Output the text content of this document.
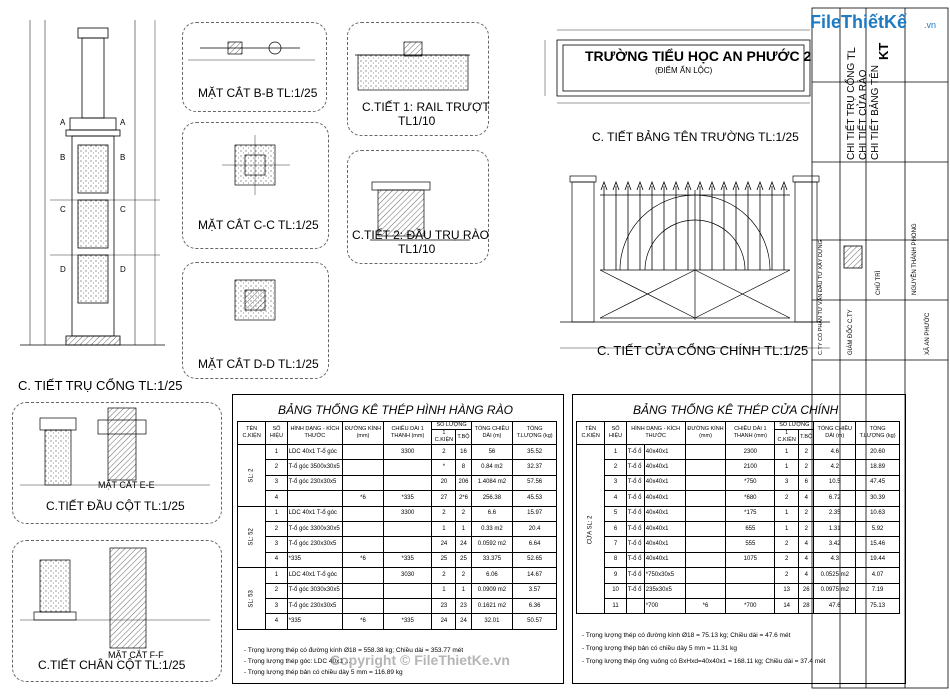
A	A
D	D
C	C
B	B
C. TIẾT TRỤ CỔNG TL:1/25
MẶT CẮT B-B TL:1/25
MẶT CẮT C-C TL:1/25
MẶT CẮT D-D TL:1/25
C.TIẾT 1: RAIL TRƯỢT
TL1/10
C.TIẾT 2: ĐẦU TRỤ RÀO
TL1/10
C. TIẾT BẢNG TÊN TRƯỜNG TL:1/25
C. TIẾT CỬA CỔNG CHÍNH TL:1/25
C.TIẾT ĐẦU CỘT TL:1/25
MẶT CẮT E-E
C.TIẾT CHÂN CỘT TL:1/25
MẶT CẮT F-F
TRƯỜNG TIỂU HỌC AN PHƯỚC 2
(ĐIỂM ẤN LỘC)
FileThiếtKế .vn
KT
TL
CHI TIẾT TRỤ CỔNG CHI TIẾT CỬA RÀO CHI TIẾT BẢNG TÊN
C.TY CỔ PHẦN TƯ VẤN ĐẦU TƯ XÂY DỰNG	GIÁM ĐỐC C.TY
CHỦ TRÌ	NGUYỄN THÀNH PHONG
XÃ AN PHƯỚC
BẢNG THỐNG KÊ THÉP HÌNH HÀNG RÀO
TÊN C.KIỆN	SỐ HIỆU	HÌNH DẠNG - KÍCH THƯỚC	ĐƯỜNG KÍNH (mm)	CHIỀU DÀI 1 THANH (mm)	SỐ LƯỢNG		TỔNG CHIỀU DÀI (m)	TỔNG T.LƯỢNG (kg)
					1 C.KIỆN	T.BỘ		
SL: 2	1	LDC 40x1 T-ổ góc		3300	2	16	56	35.52
	2	T-ổ góc 3500x30x5			*	8	0.84 m2	32.37
	3	T-ổ góc 230x30x5			20	206	1.4084 m2	57.56
	4		*6	*335	27	2*6	256.38	45.53
SL: 52	1	LDC 40x1 T-ổ góc		3300	2	2	6.6	15.97
	2	T-ổ góc 3300x30x5			1	1	0.33 m2	20.4
	3	T-ổ góc 230x30x5			24	24	0.0592 m2	6.64
	4	*335	*6	*335	25	25	33.375	52.65
SL: 53	1	LDC 40x1 T-ổ góc		3030	2	2	6.06	14.67
	2	T-ổ góc 3030x30x5			1	1	0.0909 m2	3.57
	3	T-ổ góc 230x30x5			23	23	0.1621 m2	6.36
	4	*335	*6	*335	24	24	32.01	50.57
- Trọng lượng thép có đường kính Ø18 = 558.38 kg; Chiều dài = 353.77 mét
- Trọng lượng thép góc: LDC 40x1 ...
- Trọng lượng thép bản có chiều dày 5 mm = 116.89 kg
BẢNG THỐNG KÊ THÉP CỬA CHÍNH
TÊN C.KIỆN	SỐ HIỆU	HÌNH DẠNG - KÍCH THƯỚC		ĐƯỜNG KÍNH (mm)	CHIỀU DÀI 1 THANH (mm)	SỐ LƯỢNG		TỔNG CHIỀU DÀI (m)	TỔNG T.LƯỢNG (kg)
						1 C.KIỆN	T.BỘ		
CỬA SL: 2	1	T-ổ ổ	40x40x1		2300	1	2	4.6	20.60
	2	T-ổ ổ	40x40x1		2100	1	2	4.2	18.89
	3	T-ổ ổ	40x40x1		*750	3	6	10.5	47.45
	4	T-ổ ổ	40x40x1		*680	2	4	6.72	30.39
	5	T-ổ ổ	40x40x1		*175	1	2	2.35	10.63
	6	T-ổ ổ	40x40x1		655	1	2	1.31	5.92
	7	T-ổ ổ	40x40x1		555	2	4	3.42	15.46
	8	T-ổ ổ	40x40x1		1075	2	4	4.3	19.44
	9	T-ổ ổ	*750x30x5			2	4	0.0525 m2	4.07
	10	T-ổ ổ	235x30x5			13	26	0.0975 m2	7.19
	11		*700	*6	*700	14	28	47.6	75.13
- Trọng lượng thép có đường kính Ø18 = 75.13 kg; Chiều dài = 47.6 mét
- Trọng lượng thép bản có chiều dày 5 mm = 11.31 kg
- Trọng lượng thép ống vuông có BxHxd=40x40x1 = 168.11 kg; Chiều dài = 37.4 mét
Copyright © FileThietKe.vn
